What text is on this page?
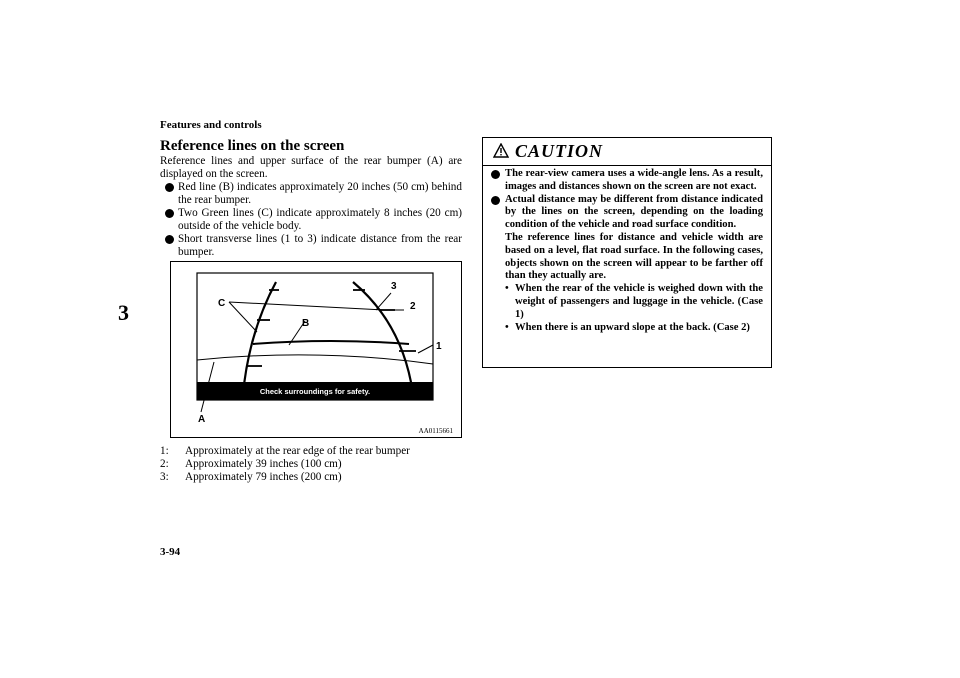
Features and controls
3
3-94
Reference lines on the screen
Reference lines and upper surface of the rear bumper (A) are displayed on the screen.
Red line (B) indicates approximately 20 inches (50 cm) behind the rear bumper.
Two Green lines (C) indicate approximately 8 inches (20 cm) outside of the vehicle body.
Short transverse lines (1 to 3) indicate distance from the rear bumper.
Check surroundings for safety.
C
B
3
2
1
A
AA0115661
1:	Approximately at the rear edge of the rear bumper
2:	Approximately 39 inches (100 cm)
3:	Approximately 79 inches (200 cm)
CAUTION
The rear-view camera uses a wide-angle lens. As a result, images and distances shown on the screen are not exact.
Actual distance may be different from distance indicated by the lines on the screen, depending on the loading condition of the vehicle and road surface condition.
The reference lines for distance and vehicle width are based on a level, flat road surface. In the following cases, objects shown on the screen will appear to be farther off than they actually are.
• When the rear of the vehicle is weighed down with the weight of passengers and luggage in the vehicle. (Case 1)
• When there is an upward slope at the back. (Case 2)
